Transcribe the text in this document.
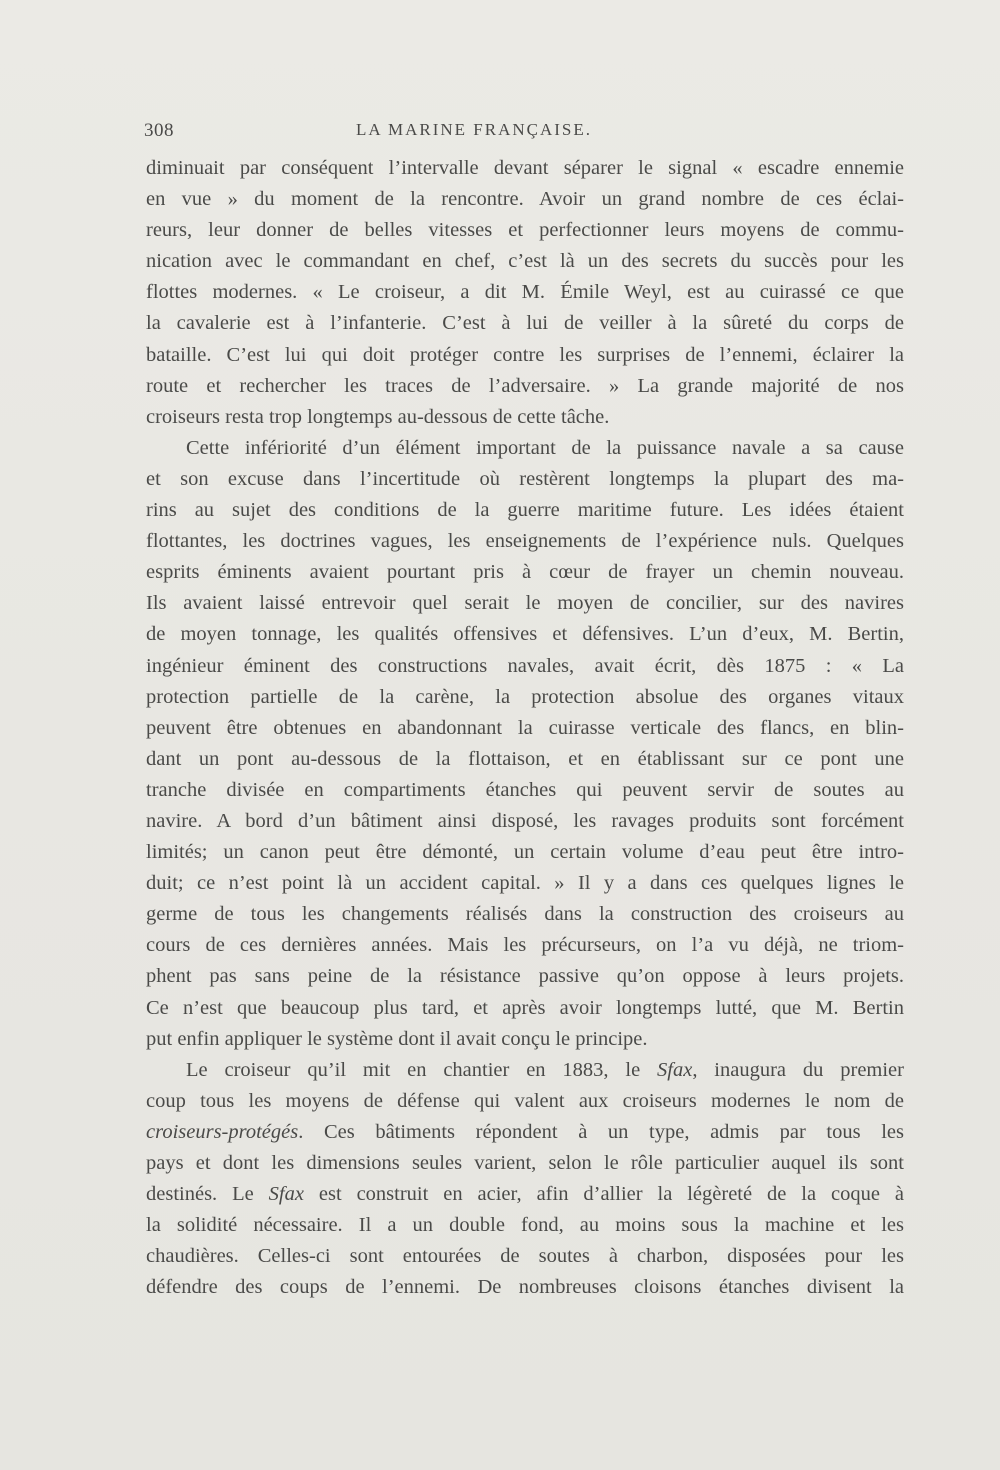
308	LA MARINE FRANÇAISE.
diminuait par conséquent l’intervalle devant séparer le signal « escadre ennemie
en vue » du moment de la rencontre. Avoir un grand nombre de ces éclai-
reurs, leur donner de belles vitesses et perfectionner leurs moyens de commu-
nication avec le commandant en chef, c’est là un des secrets du succès pour les
flottes modernes. « Le croiseur, a dit M. Émile Weyl, est au cuirassé ce que
la cavalerie est à l’infanterie. C’est à lui de veiller à la sûreté du corps de
bataille. C’est lui qui doit protéger contre les surprises de l’ennemi, éclairer la
route et rechercher les traces de l’adversaire. » La grande majorité de nos
croiseurs resta trop longtemps au-dessous de cette tâche.
Cette infériorité d’un élément important de la puissance navale a sa cause
et son excuse dans l’incertitude où restèrent longtemps la plupart des ma-
rins au sujet des conditions de la guerre maritime future. Les idées étaient
flottantes, les doctrines vagues, les enseignements de l’expérience nuls. Quelques
esprits éminents avaient pourtant pris à cœur de frayer un chemin nouveau.
Ils avaient laissé entrevoir quel serait le moyen de concilier, sur des navires
de moyen tonnage, les qualités offensives et défensives. L’un d’eux, M. Bertin,
ingénieur éminent des constructions navales, avait écrit, dès 1875 : « La
protection partielle de la carène, la protection absolue des organes vitaux
peuvent être obtenues en abandonnant la cuirasse verticale des flancs, en blin-
dant un pont au-dessous de la flottaison, et en établissant sur ce pont une
tranche divisée en compartiments étanches qui peuvent servir de soutes au
navire. A bord d’un bâtiment ainsi disposé, les ravages produits sont forcément
limités; un canon peut être démonté, un certain volume d’eau peut être intro-
duit; ce n’est point là un accident capital. » Il y a dans ces quelques lignes le
germe de tous les changements réalisés dans la construction des croiseurs au
cours de ces dernières années. Mais les précurseurs, on l’a vu déjà, ne triom-
phent pas sans peine de la résistance passive qu’on oppose à leurs projets.
Ce n’est que beaucoup plus tard, et après avoir longtemps lutté, que M. Bertin
put enfin appliquer le système dont il avait conçu le principe.
Le croiseur qu’il mit en chantier en 1883, le Sfax, inaugura du premier
coup tous les moyens de défense qui valent aux croiseurs modernes le nom de
croiseurs-protégés. Ces bâtiments répondent à un type, admis par tous les
pays et dont les dimensions seules varient, selon le rôle particulier auquel ils sont
destinés. Le Sfax est construit en acier, afin d’allier la légèreté de la coque à
la solidité nécessaire. Il a un double fond, au moins sous la machine et les
chaudières. Celles-ci sont entourées de soutes à charbon, disposées pour les
défendre des coups de l’ennemi. De nombreuses cloisons étanches divisent la
